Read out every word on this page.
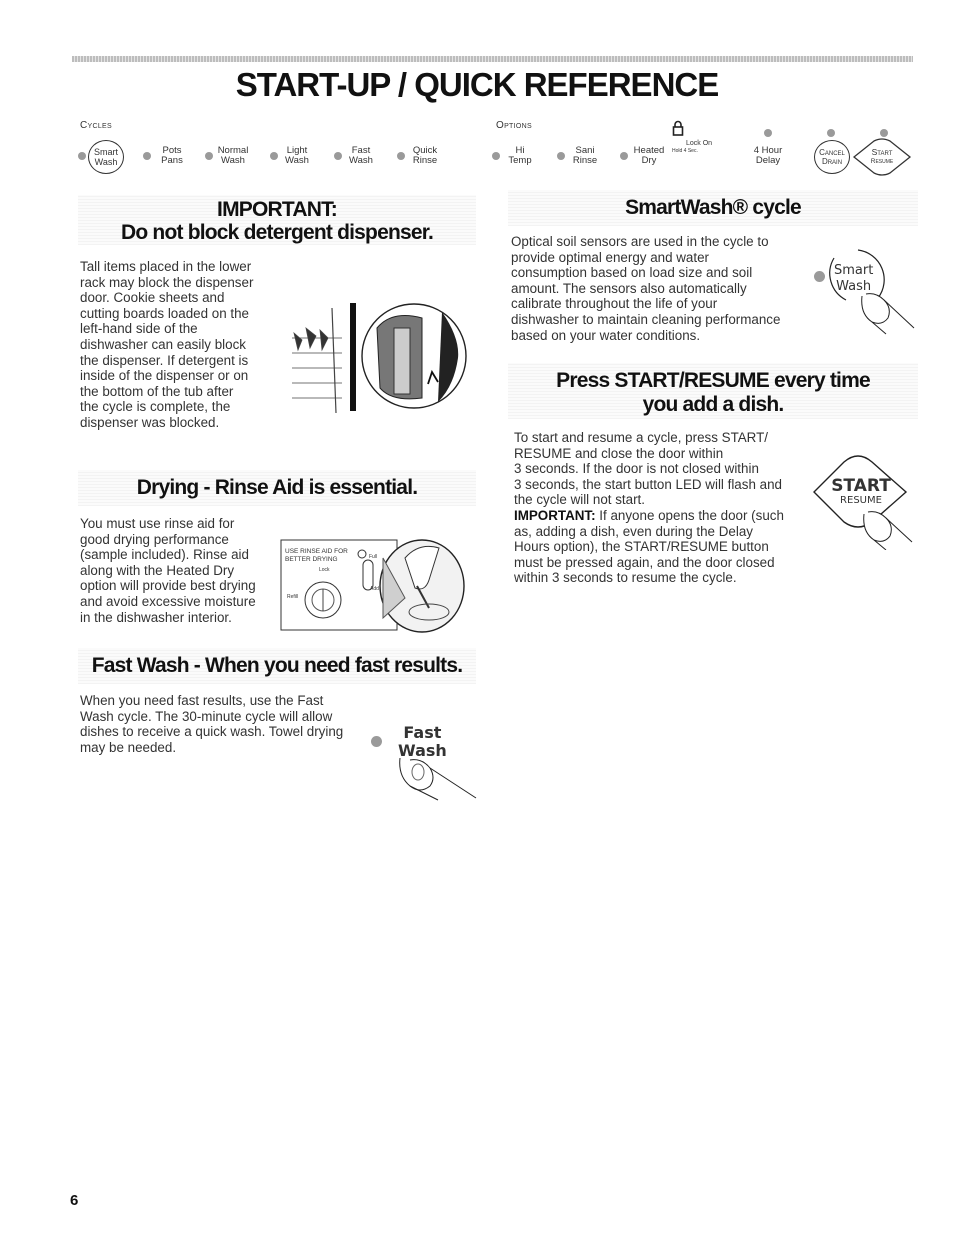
START-UP / QUICK REFERENCE
Cycles	Options
Smart
Wash
Pots
Pans
Normal
Wash
Light
Wash
Fast
Wash
Quick
Rinse
Hi
Temp
Sani
Rinse
Heated
Dry
Lock On
Hold 4 Sec.	4 Hour
Delay
Cancel
Drain
Start
Resume
IMPORTANT:
Do not block detergent dispenser.
Tall items placed in the lower
rack may block the dispenser
door. Cookie sheets and
cutting boards loaded on the
left-hand side of the
dishwasher can easily block
the dispenser. If detergent is
inside of the dispenser or on
the bottom of the tub after
the cycle is complete, the
dispenser was blocked.
Drying - Rinse Aid is essential.
You must use rinse aid for
good drying performance
(sample included). Rinse aid
along with the Heated Dry
option will provide best drying
and avoid excessive moisture
in the dishwasher interior.
USE RINSE AID FOR
BETTER DRYING	Full
Add
Lock
Refill
Fast Wash - When you need fast results.
When you need fast results, use the Fast
Wash cycle. The 30-minute cycle will allow
dishes to receive a quick wash. Towel drying
may be needed.
Fast
Wash
SmartWash® cycle
Optical soil sensors are used in the cycle to
provide optimal energy and water
consumption based on load size and soil
amount. The sensors also automatically
calibrate throughout the life of your
dishwasher to maintain cleaning performance
based on your water conditions.
Smart
Wash
Press START/RESUME every time
you add a dish.
To start and resume a cycle, press START/
RESUME and close the door within
3 seconds. If the door is not closed within
3 seconds, the start button LED will flash and
the cycle will not start.
IMPORTANT: If anyone opens the door (such
as, adding a dish, even during the Delay
Hours option), the START/RESUME button
must be pressed again, and the door closed
within 3 seconds to resume the cycle.
START
RESUME
6
